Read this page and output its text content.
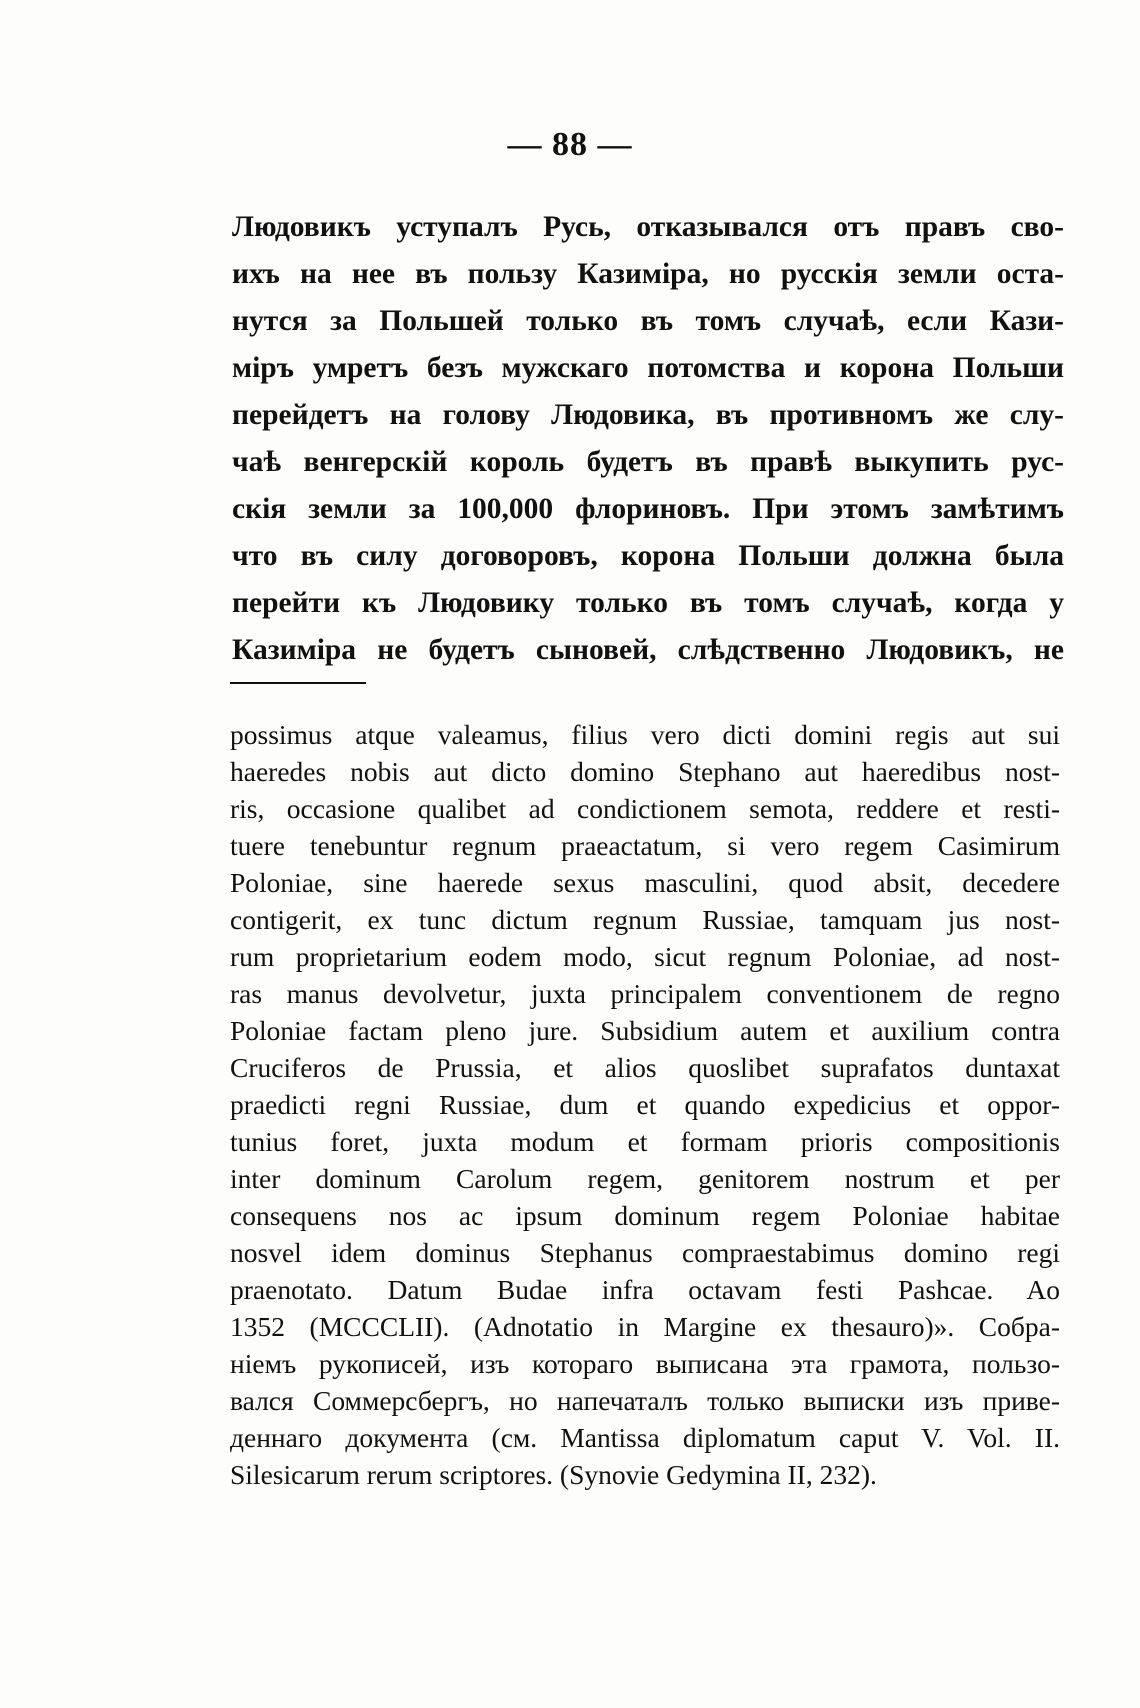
— 88 —
Людовикъ уступалъ Русь, отказывался отъ правъ сво-
ихъ на нее въ пользу Казиміра, но русскія земли оста-
нутся за Польшей только въ томъ случаѣ, если Кази-
міръ умретъ безъ мужскаго потомства и корона Польши
перейдетъ на голову Людовика, въ противномъ же слу-
чаѣ венгерскій король будетъ въ правѣ выкупить рус-
скія земли за 100,000 флориновъ. При этомъ замѣтимъ
что въ силу договоровъ, корона Польши должна была
перейти къ Людовику только въ томъ случаѣ, когда у
Казиміра не будетъ сыновей, слѣдственно Людовикъ, не
possimus atque valeamus, filius vero dicti domini regis aut sui
haeredes nobis aut dicto domino Stephano aut haeredibus nost-
ris, occasione qualibet ad condictionem semota, reddere et resti-
tuere tenebuntur regnum praeactatum, si vero regem Casimirum
Poloniae, sine haerede sexus masculini, quod absit, decedere
contigerit, ex tunc dictum regnum Russiae, tamquam jus nost-
rum proprietarium eodem modo, sicut regnum Poloniae, ad nost-
ras manus devolvetur, juxta principalem conventionem de regno
Poloniae factam pleno jure. Subsidium autem et auxilium contra
Cruciferos de Prussia, et alios quoslibet suprafatos duntaxat
praedicti regni Russiae, dum et quando expedicius et oppor-
tunius foret, juxta modum et formam prioris compositionis
inter dominum Carolum regem, genitorem nostrum et per
consequens nos ac ipsum dominum regem Poloniae habitae
nosvel idem dominus Stephanus compraestabimus domino regi
praenotato. Datum Budae infra octavam festi Pashcae. Ao
1352 (MCCCLII). (Adnotatio in Margine ex thesauro)». Собра-
ніемъ рукописей, изъ котораго выписана эта грамота, пользо-
вался Соммерсбергъ, но напечаталъ только выписки изъ приве-
деннаго документа (см. Mantissa diplomatum caput V. Vol. II.
Silesicarum rerum scriptores. (Synovie Gedymina II, 232).
